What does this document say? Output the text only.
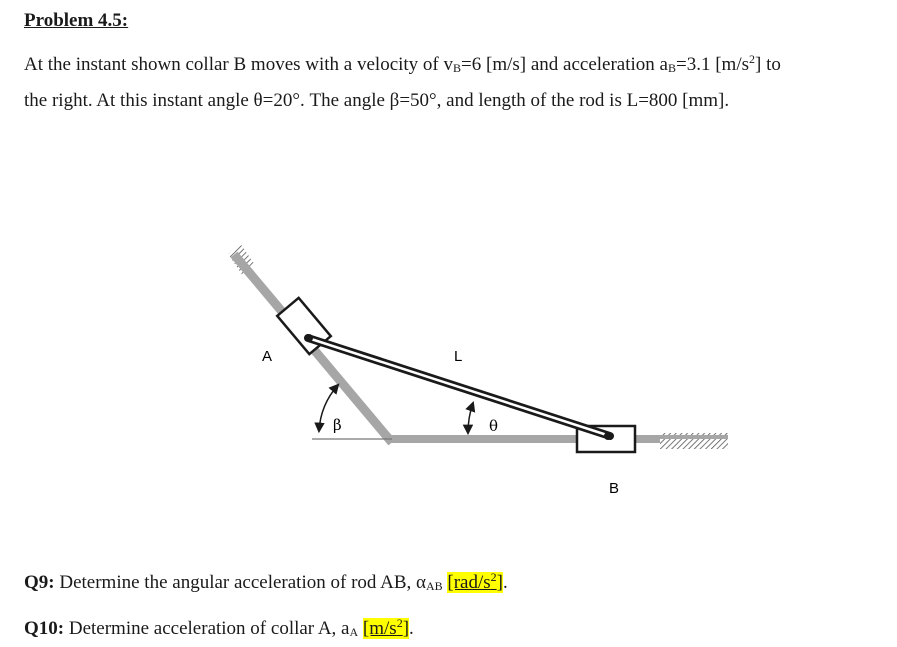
Problem 4.5:
At the instant shown collar B moves with a velocity of $v_B=6$ [m/s] and acceleration $a_B=3.1$ $[m/s^2]$ to
the right. At this instant angle θ=20°. The angle β=50°, and length of the rod is L=800 [mm].
A	L
B
β	θ
Q9: Determine the angular acceleration of rod AB, $\alpha_{AB}$ $[rad/s^2]$.
Q10: Determine acceleration of collar A, $a_A$ $[m/s^2]$.
